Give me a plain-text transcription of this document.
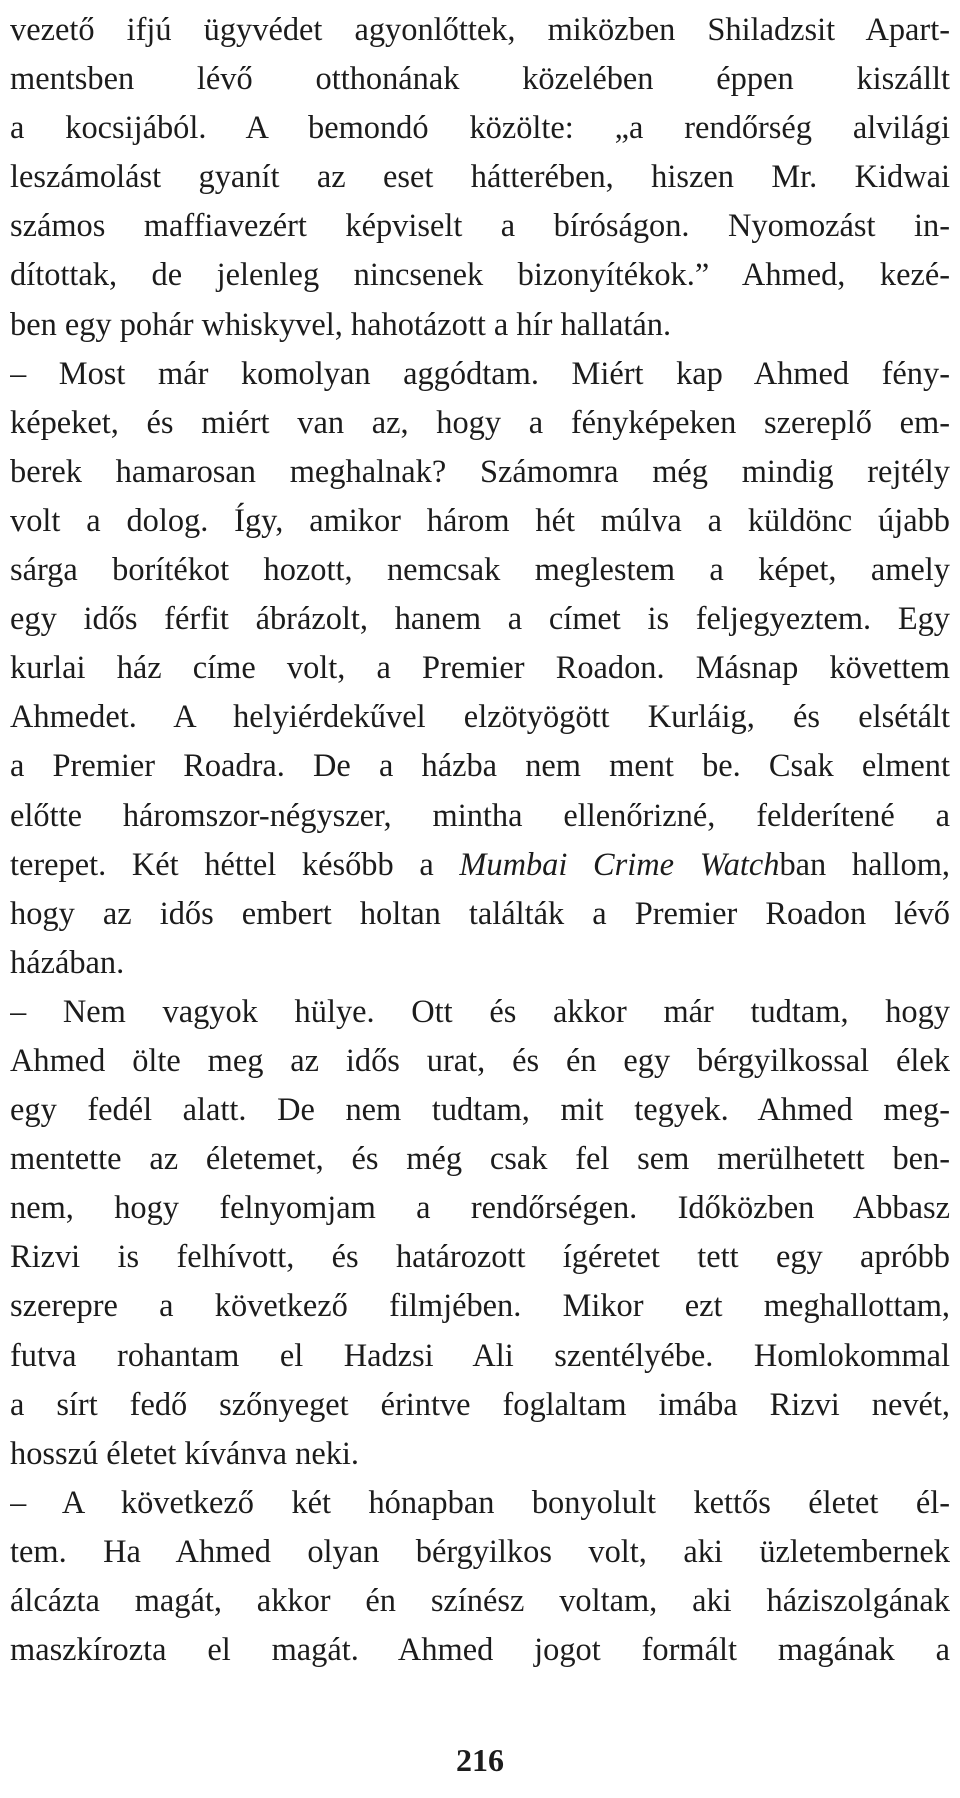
vezető ifjú ügyvédet agyonlőttek, miközben Shiladzsit Apart-
mentsben lévő otthonának közelében éppen kiszállt
a kocsijából. A bemondó közölte: „a rendőrség alvilági
leszámolást gyanít az eset hátterében, hiszen Mr. Kidwai
számos maffiavezért képviselt a bíróságon. Nyomozást in-
dítottak, de jelenleg nincsenek bizonyítékok.” Ahmed, kezé-
ben egy pohár whiskyvel, hahotázott a hír hallatán.
– Most már komolyan aggódtam. Miért kap Ahmed fény-
képeket, és miért van az, hogy a fényképeken szereplő em-
berek hamarosan meghalnak? Számomra még mindig rejtély
volt a dolog. Így, amikor három hét múlva a küldönc újabb
sárga borítékot hozott, nemcsak meglestem a képet, amely
egy idős férfit ábrázolt, hanem a címet is feljegyeztem. Egy
kurlai ház címe volt, a Premier Roadon. Másnap követtem
Ahmedet. A helyiérdekűvel elzötyögött Kurláig, és elsétált
a Premier Roadra. De a házba nem ment be. Csak elment
előtte háromszor-négyszer, mintha ellenőrizné, felderítené a
terepet. Két héttel később a Mumbai Crime Watchban hallom,
hogy az idős embert holtan találták a Premier Roadon lévő
házában.
– Nem vagyok hülye. Ott és akkor már tudtam, hogy
Ahmed ölte meg az idős urat, és én egy bérgyilkossal élek
egy fedél alatt. De nem tudtam, mit tegyek. Ahmed meg-
mentette az életemet, és még csak fel sem merülhetett ben-
nem, hogy felnyomjam a rendőrségen. Időközben Abbasz
Rizvi is felhívott, és határozott ígéretet tett egy apróbb
szerepre a következő filmjében. Mikor ezt meghallottam,
futva rohantam el Hadzsi Ali szentélyébe. Homlokommal
a sírt fedő szőnyeget érintve foglaltam imába Rizvi nevét,
hosszú életet kívánva neki.
– A következő két hónapban bonyolult kettős életet él-
tem. Ha Ahmed olyan bérgyilkos volt, aki üzletembernek
álcázta magát, akkor én színész voltam, aki háziszolgának
maszkírozta el magát. Ahmed jogot formált magának a
216
